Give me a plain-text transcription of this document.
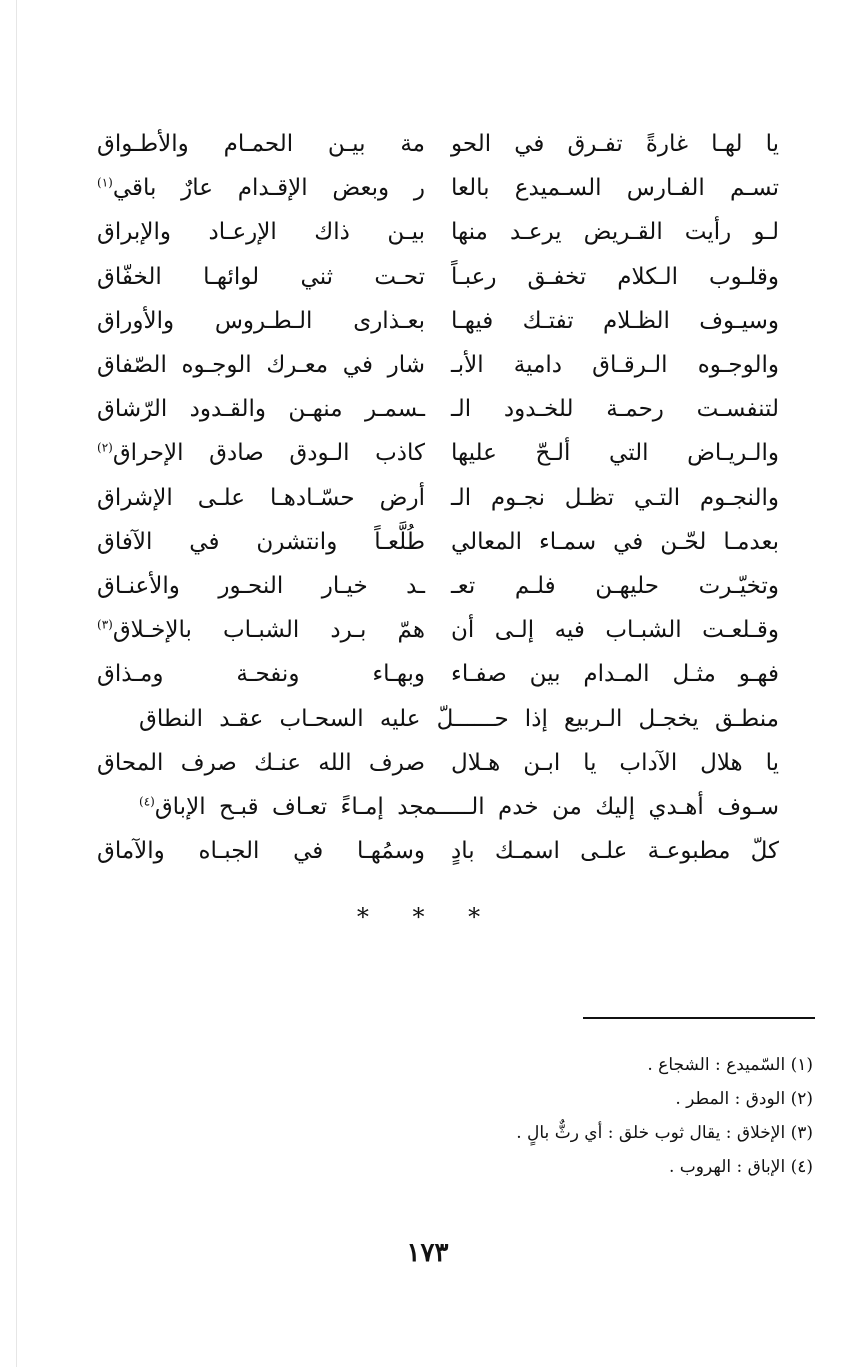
يا لهـا غارةً تفـرق في الحو
مة بيـن الحمـام والأطـواق
تسـم الفـارس السـميدع بالعا
ر وبعض الإقـدام عارٌ باقي$^{(١)}$
لـو رأيت القـريض يرعـد منها
بيـن ذاك الإرعـاد والإبراق
وقلـوب الـكلام تخفـق رعبـاً
تحـت ثني لوائهـا الخفّاق
وسيـوف الظـلام تفتـك فيهـا
بعـذارى الـطـروس والأوراق
والوجـوه الـرقـاق دامية الأبـ
شار في معـرك الوجـوه الصّفاق
لتنفسـت رحمـة للخـدود الـ
ـسمـر منهـن والقـدود الرّشاق
والـريـاض التي ألـحّ عليها
كاذب الـودق صادق الإحراق$^{(٢)}$
والنجـوم التـي تظـل نجـوم الـ
أرض حسّـادهـا علـى الإشراق
بعدمـا لحّـن في سمـاء المعالي
طُلَّعـاً وانتشرن في الآفاق
وتخيّـرت حليهـن فلـم تعـ
ـد خيـار النحـور والأعنـاق
وقـلعـت الشبـاب فيه إلـى أن
همّ بـرد الشبـاب بالإخـلاق$^{(٣)}$
فهـو مثـل المـدام بين صفـاء
وبهـاء ونفحـة ومـذاق
منطـق يخجـل الـربيع إذا حــــــلّ عليه السحـاب عقـد النطاق
يا هلال الآداب يا ابـن هـلال
صرف الله عنـك صرف المحاق
سـوف أهـدي إليك من خدم الـــــمجد إمـاءً تعـاف قبـح الإباق$^{(٤)}$
كلّ مطبوعـة علـى اسمـك بادٍ
وسمُهـا في الجبـاه والآماق
* * *
(١) السّميدع : الشجاع .
(٢) الودق : المطر .
(٣) الإخلاق : يقال ثوب خلق : أي رثٌّ بالٍ .
(٤) الإباق : الهروب .
١٧٣
